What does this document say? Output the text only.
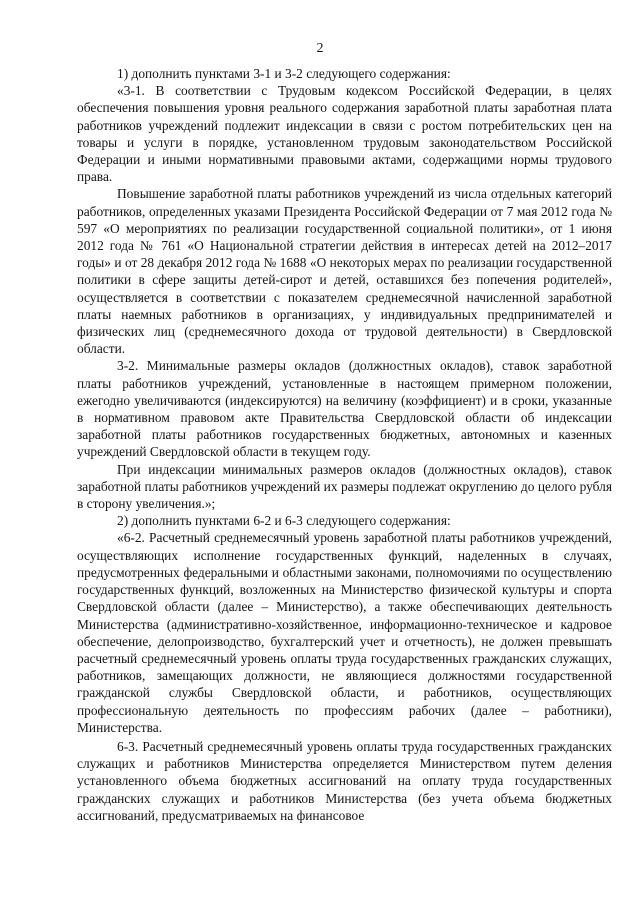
2

1) дополнить пунктами 3-1 и 3-2 следующего содержания:

«3-1. В соответствии с Трудовым кодексом Российской Федерации, в целях обеспечения повышения уровня реального содержания заработной платы заработная плата работников учреждений подлежит индексации в связи с ростом потребительских цен на товары и услуги в порядке, установленном трудовым законодательством Российской Федерации и иными нормативными правовыми актами, содержащими нормы трудового права.

Повышение заработной платы работников учреждений из числа отдельных категорий работников, определенных указами Президента Российской Федерации от 7 мая 2012 года № 597 «О мероприятиях по реализации государственной социальной политики», от 1 июня 2012 года № 761 «О Национальной стратегии действия в интересах детей на 2012–2017 годы» и от 28 декабря 2012 года № 1688 «О некоторых мерах по реализации государственной политики в сфере защиты детей-сирот и детей, оставшихся без попечения родителей», осуществляется в соответствии с показателем среднемесячной начисленной заработной платы наемных работников в организациях, у индивидуальных предпринимателей и физических лиц (среднемесячного дохода от трудовой деятельности) в Свердловской области.

3-2. Минимальные размеры окладов (должностных окладов), ставок заработной платы работников учреждений, установленные в настоящем примерном положении, ежегодно увеличиваются (индексируются) на величину (коэффициент) и в сроки, указанные в нормативном правовом акте Правительства Свердловской области об индексации заработной платы работников государственных бюджетных, автономных и казенных учреждений Свердловской области в текущем году.

При индексации минимальных размеров окладов (должностных окладов), ставок заработной платы работников учреждений их размеры подлежат округлению до целого рубля в сторону увеличения.»;

2) дополнить пунктами 6-2 и 6-3 следующего содержания:

«6-2. Расчетный среднемесячный уровень заработной платы работников учреждений, осуществляющих исполнение государственных функций, наделенных в случаях, предусмотренных федеральными и областными законами, полномочиями по осуществлению государственных функций, возложенных на Министерство физической культуры и спорта Свердловской области (далее – Министерство), а также обеспечивающих деятельность Министерства (административно-хозяйственное, информационно-техническое и кадровое обеспечение, делопроизводство, бухгалтерский учет и отчетность), не должен превышать расчетный среднемесячный уровень оплаты труда государственных гражданских служащих, работников, замещающих должности, не являющиеся должностями государственной гражданской службы Свердловской области, и работников, осуществляющих профессиональную деятельность по профессиям рабочих (далее – работники), Министерства.

6-3. Расчетный среднемесячный уровень оплаты труда государственных гражданских служащих и работников Министерства определяется Министерством путем деления установленного объема бюджетных ассигнований на оплату труда государственных гражданских служащих и работников Министерства (без учета объема бюджетных ассигнований, предусматриваемых на финансовое
